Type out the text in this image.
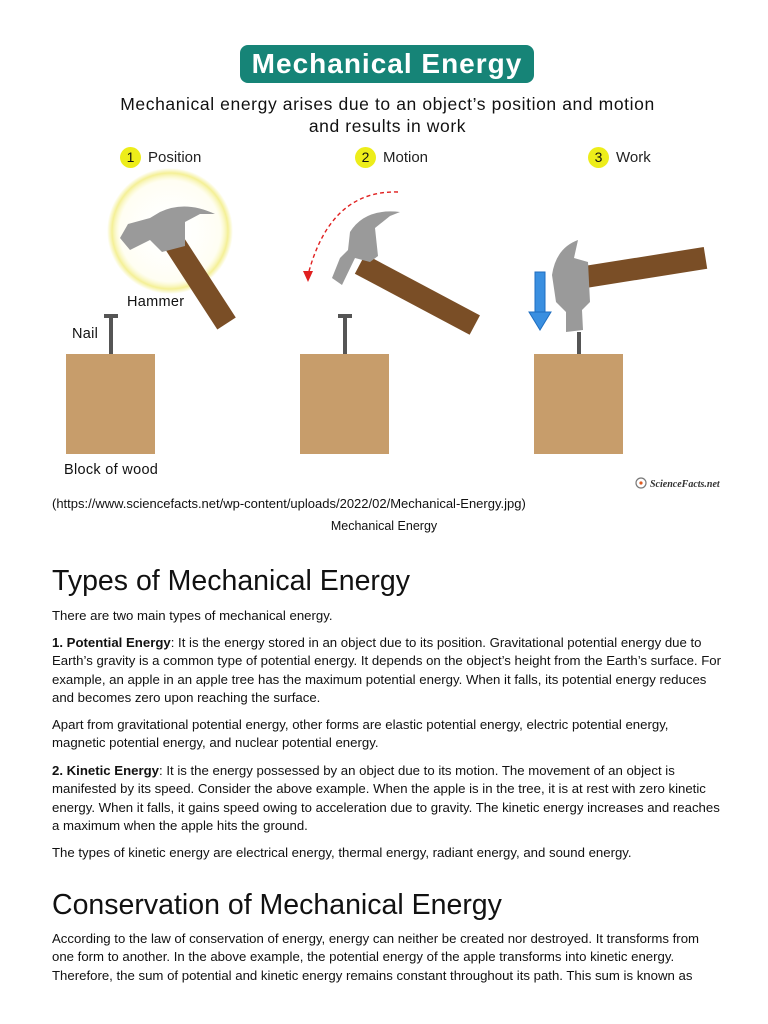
Mechanical Energy
Mechanical energy arises due to an object’s position and motion
and results in work
1 Position	2 Motion	3 Work
ScienceFacts.net
Hammer
Nail
Block of wood
(https://www.sciencefacts.net/wp-content/uploads/2022/02/Mechanical-Energy.jpg)
Mechanical Energy
Types of Mechanical Energy

There are two main types of mechanical energy.

1. Potential Energy: It is the energy stored in an object due to its position. Gravitational potential energy due to Earth’s gravity is a common type of potential energy. It depends on the object’s height from the Earth’s surface. For example, an apple in an apple tree has the maximum potential energy. When it falls, its potential energy reduces and becomes zero upon reaching the surface.

Apart from gravitational potential energy, other forms are elastic potential energy, electric potential energy, magnetic potential energy, and nuclear potential energy.

2. Kinetic Energy: It is the energy possessed by an object due to its motion. The movement of an object is manifested by its speed. Consider the above example. When the apple is in the tree, it is at rest with zero kinetic energy. When it falls, it gains speed owing to acceleration due to gravity. The kinetic energy increases and reaches a maximum when the apple hits the ground.

The types of kinetic energy are electrical energy, thermal energy, radiant energy, and sound energy.

Conservation of Mechanical Energy

According to the law of conservation of energy, energy can neither be created nor destroyed. It transforms from one form to another. In the above example, the potential energy of the apple transforms into kinetic energy. Therefore, the sum of potential and kinetic energy remains constant throughout its path. This sum is known as
